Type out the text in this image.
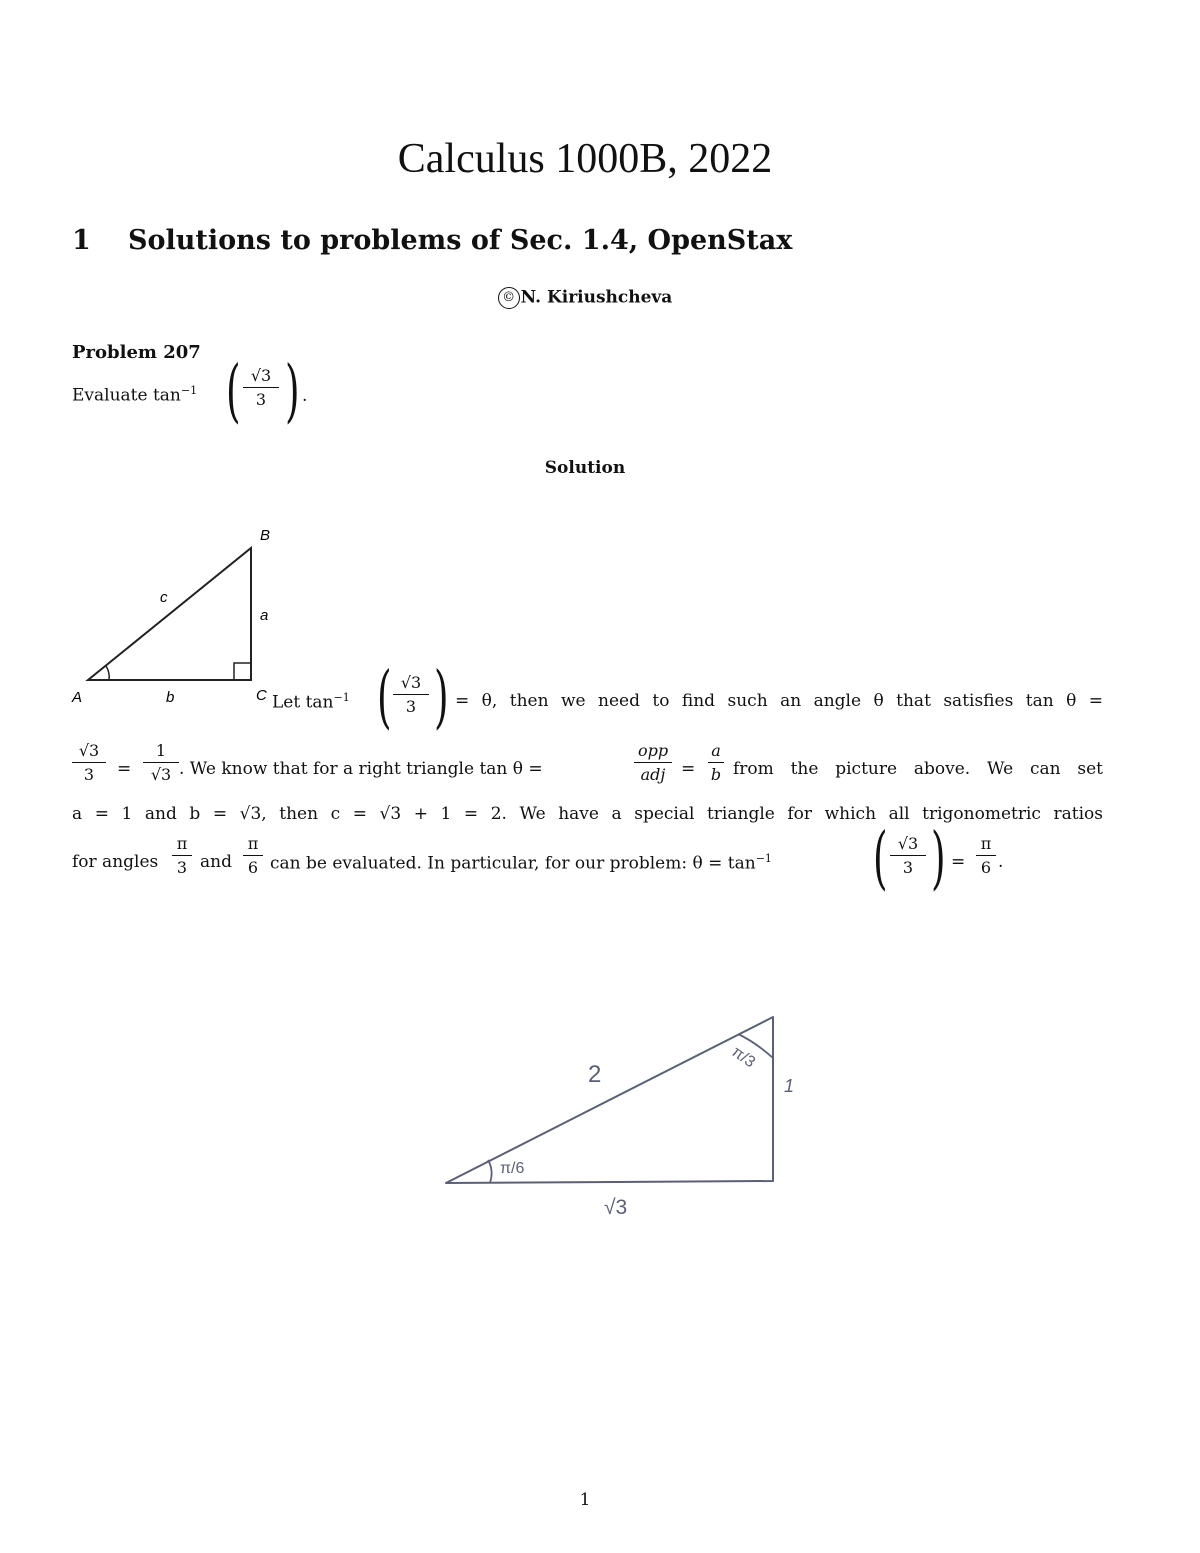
Calculus 1000B, 2022
1 Solutions to problems of Sec. 1.4, OpenStax
© N. Kiriushcheva
Problem 207
Evaluate $\tan^{-1}$ ( √3
3 ) .
Solution
A
B
C
a
b
c
Let $\tan^{-1}$ ( √3
3 ) = θ, then we need to find such an angle θ that satisfies tan θ =
√3
3	=
1
√3 . We know that for a right triangle tan θ =
opp
adj =
a
b from the picture above. We can set
a = 1 and b = √3, then c = √3 + 1 = 2. We have a special triangle for which all trigonometric ratios
for angles
π
3 and
π
6 can be evaluated. In particular, for our problem: $\theta = \tan^{-1}$ ( √3
3 ) =
π
6 .
2	1
√3
π/6
π/3
1
